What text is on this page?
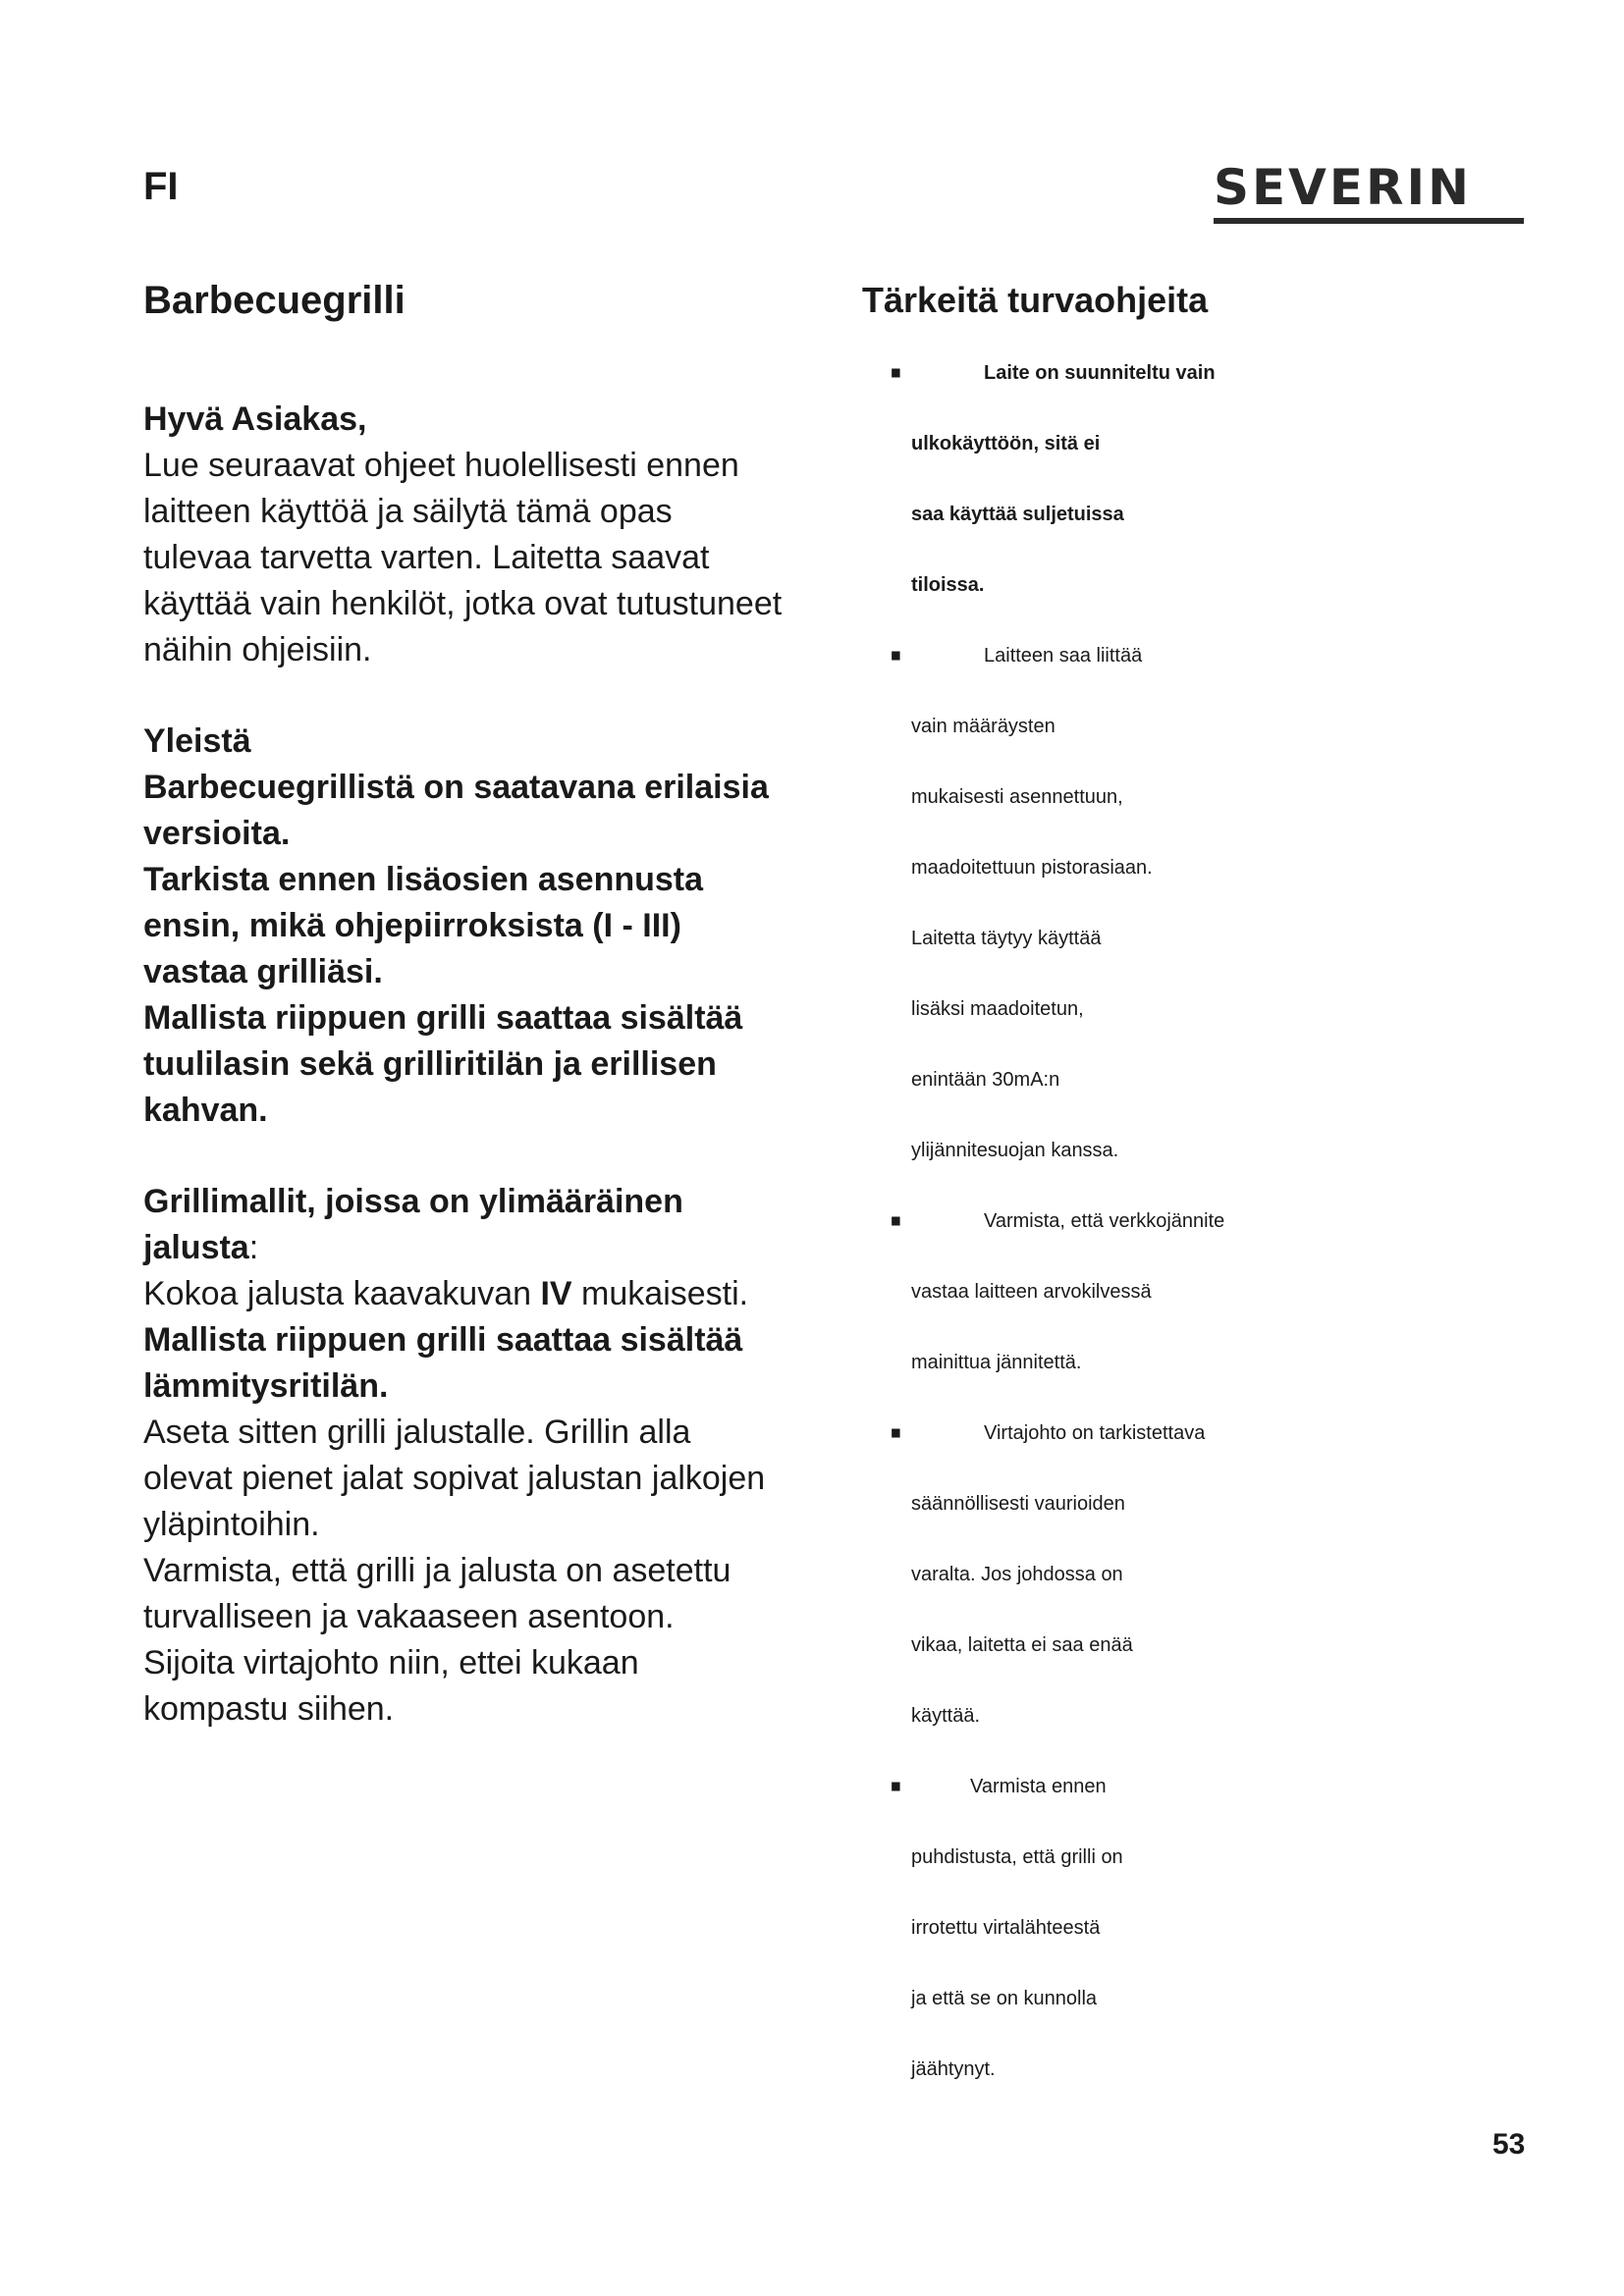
FI	SEVERIN
Barbecuegrilli
Hyvä Asiakas,
Lue seuraavat ohjeet huolellisesti ennen
laitteen käyttöä ja säilytä tämä opas
tulevaa tarvetta varten. Laitetta saavat
käyttää vain henkilöt, jotka ovat tutustuneet
näihin ohjeisiin.
Yleistä
Barbecuegrillistä on saatavana erilaisia
versioita.
Tarkista ennen lisäosien asennusta
ensin, mikä ohjepiirroksista (I - III)
vastaa grilliäsi.
Mallista riippuen grilli saattaa sisältää
tuulilasin sekä grilliritilän ja erillisen
kahvan.
Grillimallit, joissa on ylimääräinen
jalusta:
Kokoa jalusta kaavakuvan IV mukaisesti.
Mallista riippuen grilli saattaa sisältää
lämmitysritilän.
Aseta sitten grilli jalustalle. Grillin alla
olevat pienet jalat sopivat jalustan jalkojen
yläpintoihin.
Varmista, että grilli ja jalusta on asetettu
turvalliseen ja vakaaseen asentoon.
Sijoita virtajohto niin, ettei kukaan
kompastu siihen.
Tärkeitä turvaohjeita
·	Laite on suunniteltu vain
ulkokäyttöön, sitä ei
saa käyttää suljetuissa
tiloissa.
·	Laitteen saa liittää
vain määräysten
mukaisesti asennettuun,
maadoitettuun pistorasiaan.
Laitetta täytyy käyttää
lisäksi maadoitetun,
enintään 30mA:n
ylijännitesuojan kanssa.
·	Varmista, että verkkojännite
vastaa laitteen arvokilvessä
mainittua jännitettä.
·	Virtajohto on tarkistettava
säännöllisesti vaurioiden
varalta. Jos johdossa on
vikaa, laitetta ei saa enää
käyttää.
·	Varmista ennen
puhdistusta, että grilli on
irrotettu virtalähteestä
ja että se on kunnolla
jäähtynyt.
53
